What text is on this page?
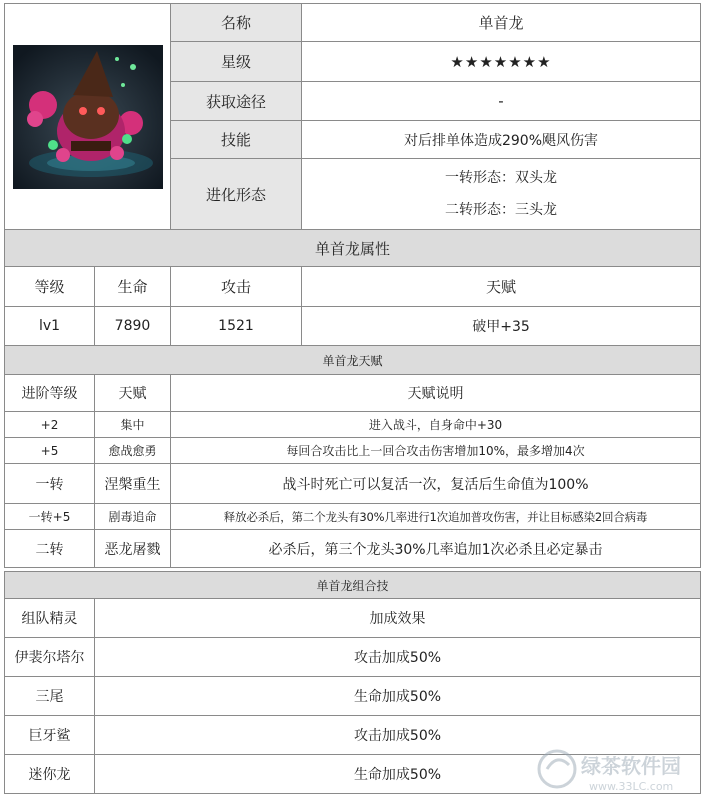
	名称	单首龙
	星级	★★★★★★★
	获取途径	-
	技能	对后排单体造成290%飓风伤害
	进化形态	一转形态：双头龙
二转形态：三头龙
单首龙属性			
等级	生命	攻击	天赋
lv1	7890	1521	破甲+35
单首龙天赋		
进阶等级	天赋	天赋说明
+2	集中	进入战斗，自身命中+30
+5	愈战愈勇	每回合攻击比上一回合攻击伤害增加10%，最多增加4次
一转	涅槃重生	战斗时死亡可以复活一次，复活后生命值为100%
一转+5	剧毒追命	释放必杀后，第二个龙头有30%几率进行1次追加普攻伤害，并让目标感染2回合病毒
二转	恶龙屠戮	必杀后，第三个龙头30%几率追加1次必杀且必定暴击
单首龙组合技	
组队精灵	加成效果
伊裴尔塔尔	攻击加成50%
三尾	生命加成50%
巨牙鲨	攻击加成50%
迷你龙	生命加成50%	绿茶软件园
www.33LC.com
